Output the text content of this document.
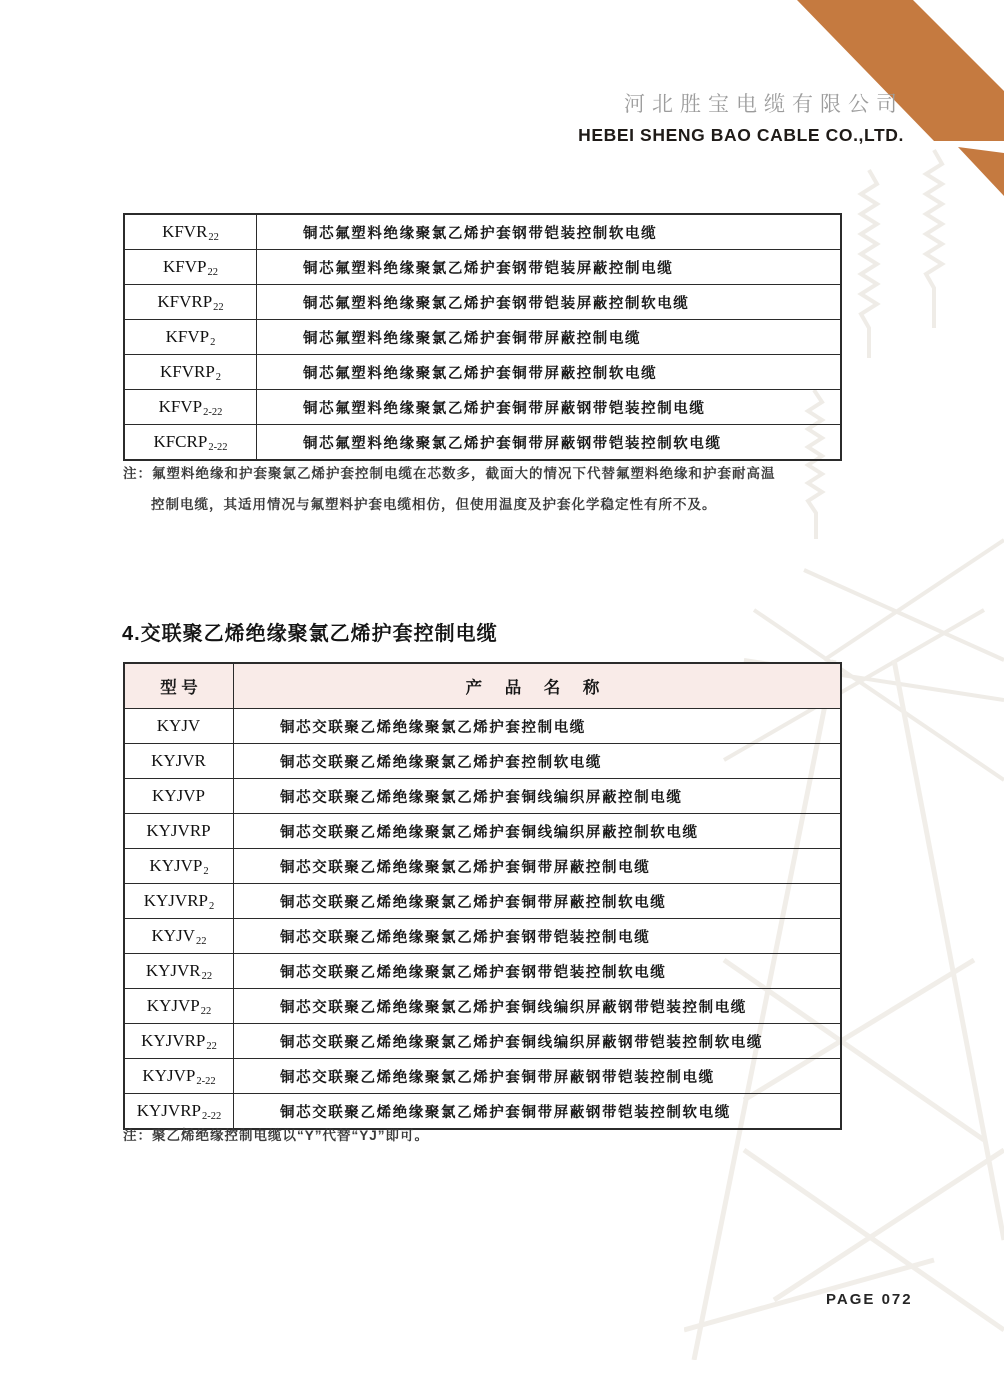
河北胜宝电缆有限公司
HEBEI SHENG BAO CABLE CO.,LTD.
KFVR 22	铜芯氟塑料绝缘聚氯乙烯护套钢带铠装控制软电缆
KFVP 22	铜芯氟塑料绝缘聚氯乙烯护套钢带铠装屏蔽控制电缆
KFVRP 22	铜芯氟塑料绝缘聚氯乙烯护套钢带铠装屏蔽控制软电缆
KFVP 2	铜芯氟塑料绝缘聚氯乙烯护套铜带屏蔽控制电缆
KFVRP 2	铜芯氟塑料绝缘聚氯乙烯护套铜带屏蔽控制软电缆
KFVP 2-22	铜芯氟塑料绝缘聚氯乙烯护套铜带屏蔽钢带铠装控制电缆
KFCRP 2-22	铜芯氟塑料绝缘聚氯乙烯护套铜带屏蔽钢带铠装控制软电缆
注：氟塑料绝缘和护套聚氯乙烯护套控制电缆在芯数多，截面大的情况下代替氟塑料绝缘和护套耐高温
控制电缆，其适用情况与氟塑料护套电缆相仿，但使用温度及护套化学稳定性有所不及。
4.交联聚乙烯绝缘聚氯乙烯护套控制电缆
型 号	产 品 名 称
KYJV	铜芯交联聚乙烯绝缘聚氯乙烯护套控制电缆
KYJVR	铜芯交联聚乙烯绝缘聚氯乙烯护套控制软电缆
KYJVP	铜芯交联聚乙烯绝缘聚氯乙烯护套铜线编织屏蔽控制电缆
KYJVRP	铜芯交联聚乙烯绝缘聚氯乙烯护套铜线编织屏蔽控制软电缆
KYJVP 2	铜芯交联聚乙烯绝缘聚氯乙烯护套铜带屏蔽控制电缆
KYJVRP 2	铜芯交联聚乙烯绝缘聚氯乙烯护套铜带屏蔽控制软电缆
KYJV 22	铜芯交联聚乙烯绝缘聚氯乙烯护套钢带铠装控制电缆
KYJVR 22	铜芯交联聚乙烯绝缘聚氯乙烯护套钢带铠装控制软电缆
KYJVP 22	铜芯交联聚乙烯绝缘聚氯乙烯护套铜线编织屏蔽钢带铠装控制电缆
KYJVRP 22	铜芯交联聚乙烯绝缘聚氯乙烯护套铜线编织屏蔽钢带铠装控制软电缆
KYJVP 2-22	铜芯交联聚乙烯绝缘聚氯乙烯护套铜带屏蔽钢带铠装控制电缆
KYJVRP 2-22	铜芯交联聚乙烯绝缘聚氯乙烯护套铜带屏蔽钢带铠装控制软电缆
注：聚乙烯绝缘控制电缆以“Y”代替“YJ”即可。
PAGE 072
